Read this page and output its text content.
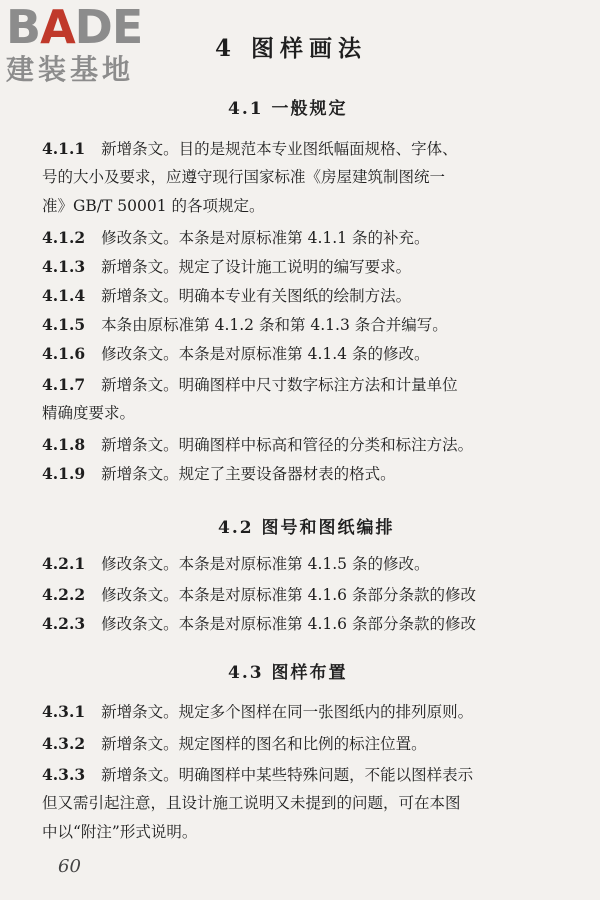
BADE
建装基地
4 图样画法
4.1 一般规定
4.1.1 新增条文。目的是规范本专业图纸幅面规格、字体、
号的大小及要求，应遵守现行国家标准《房屋建筑制图统一
准》GB/T 50001 的各项规定。
4.1.2 修改条文。本条是对原标准第 4.1.1 条的补充。
4.1.3 新增条文。规定了设计施工说明的编写要求。
4.1.4 新增条文。明确本专业有关图纸的绘制方法。
4.1.5 本条由原标准第 4.1.2 条和第 4.1.3 条合并编写。
4.1.6 修改条文。本条是对原标准第 4.1.4 条的修改。
4.1.7 新增条文。明确图样中尺寸数字标注方法和计量单位
精确度要求。
4.1.8 新增条文。明确图样中标高和管径的分类和标注方法。
4.1.9 新增条文。规定了主要设备器材表的格式。
4.2 图号和图纸编排
4.2.1 修改条文。本条是对原标准第 4.1.5 条的修改。
4.2.2 修改条文。本条是对原标准第 4.1.6 条部分条款的修改
4.2.3 修改条文。本条是对原标准第 4.1.6 条部分条款的修改
4.3 图样布置
4.3.1 新增条文。规定多个图样在同一张图纸内的排列原则。
4.3.2 新增条文。规定图样的图名和比例的标注位置。
4.3.3 新增条文。明确图样中某些特殊问题，不能以图样表示
但又需引起注意，且设计施工说明又未提到的问题，可在本图
中以“附注”形式说明。
60
